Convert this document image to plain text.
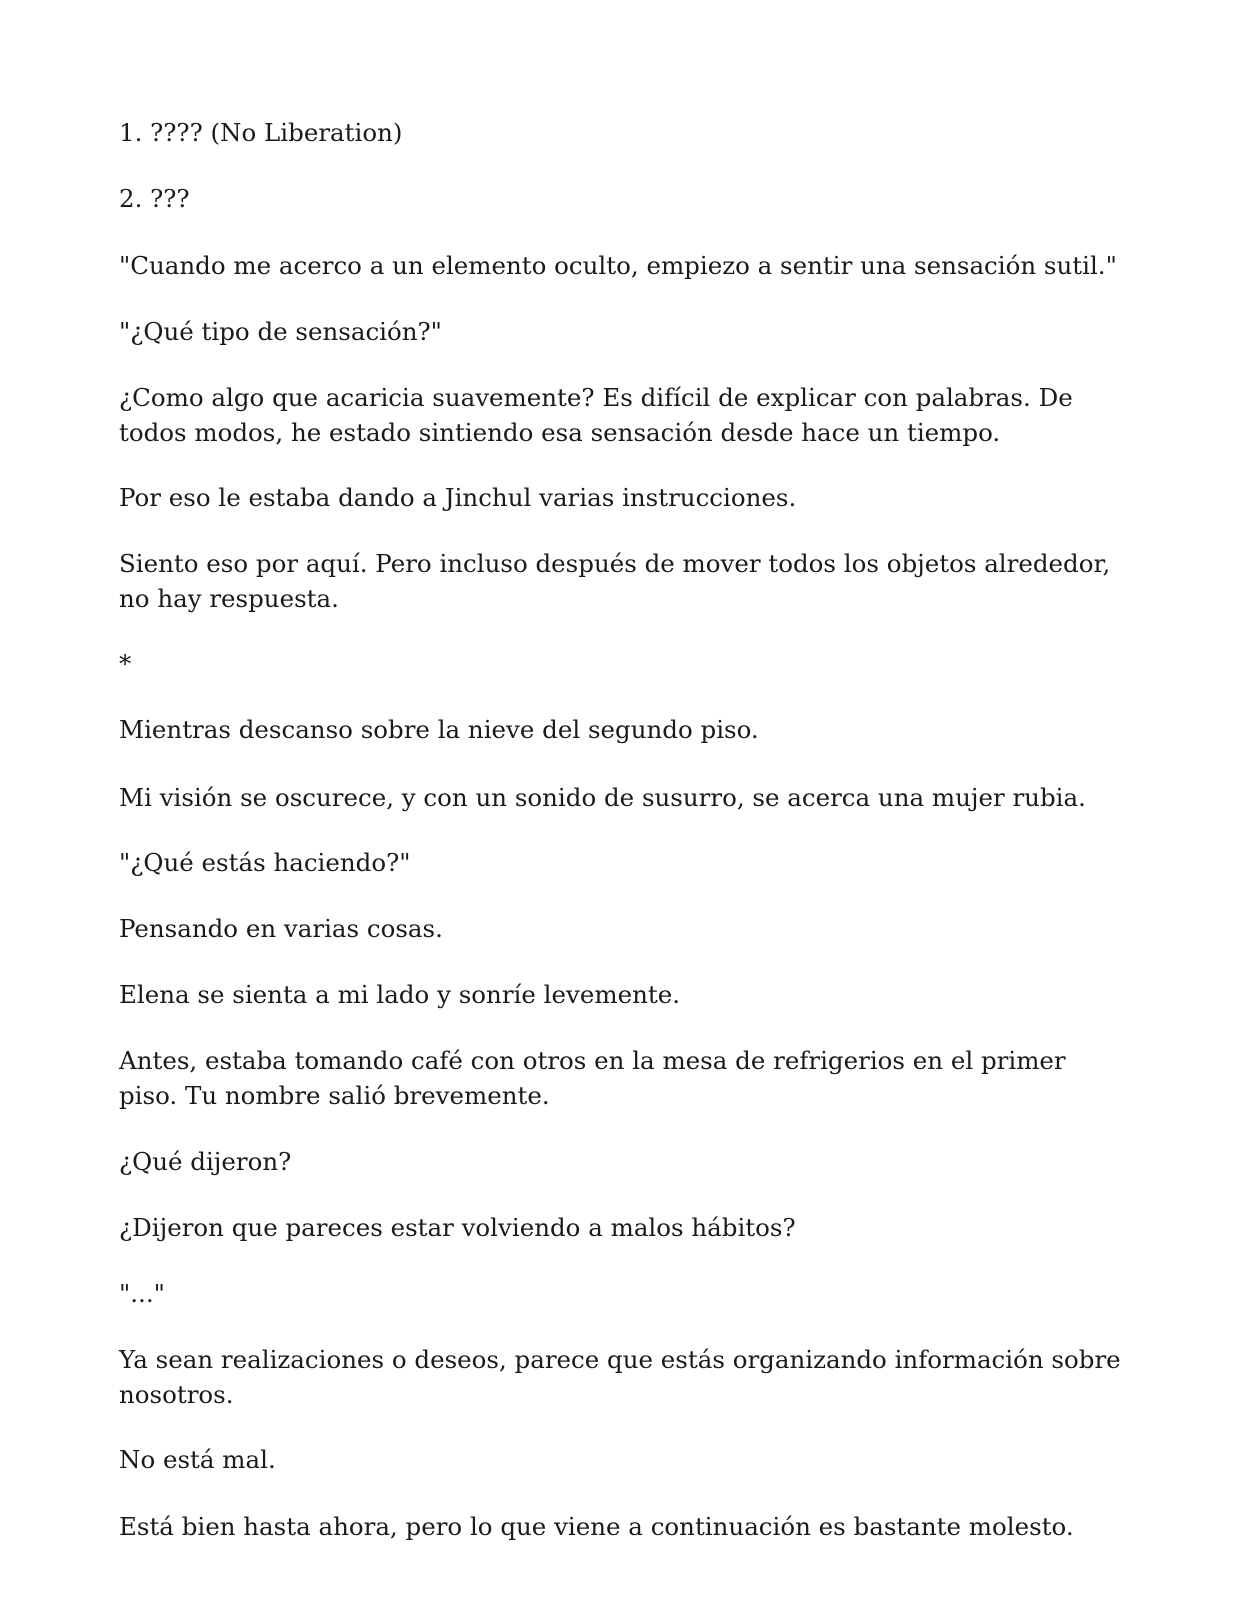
1. ???? (No Liberation)

2. ???

"Cuando me acerco a un elemento oculto, empiezo a sentir una sensación sutil."

"¿Qué tipo de sensación?"

¿Como algo que acaricia suavemente? Es difícil de explicar con palabras. De todos modos, he estado sintiendo esa sensación desde hace un tiempo.

Por eso le estaba dando a Jinchul varias instrucciones.

Siento eso por aquí. Pero incluso después de mover todos los objetos alrededor, no hay respuesta.

*

Mientras descanso sobre la nieve del segundo piso.

Mi visión se oscurece, y con un sonido de susurro, se acerca una mujer rubia.

"¿Qué estás haciendo?"

Pensando en varias cosas.

Elena se sienta a mi lado y sonríe levemente.

Antes, estaba tomando café con otros en la mesa de refrigerios en el primer piso. Tu nombre salió brevemente.

¿Qué dijeron?

¿Dijeron que pareces estar volviendo a malos hábitos?

"..."

Ya sean realizaciones o deseos, parece que estás organizando información sobre nosotros.

No está mal.

Está bien hasta ahora, pero lo que viene a continuación es bastante molesto.
